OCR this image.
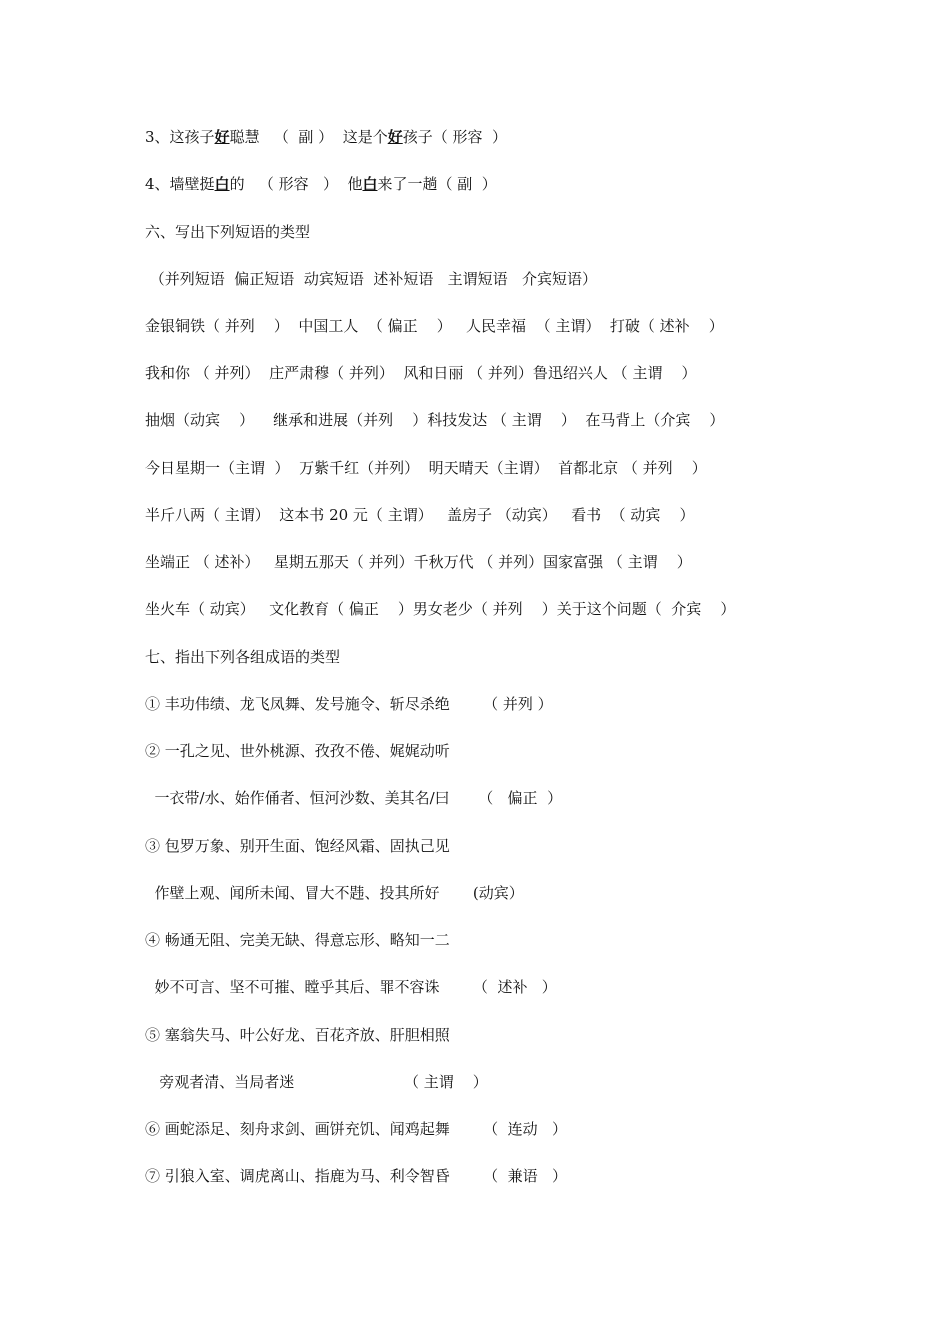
3、这孩子好聪慧   （  副 ）  这是个好孩子（ 形容  ）
4、墙壁挺白的   （ 形容   ）  他白来了一趟（ 副  ）
六、写出下列短语的类型
（并列短语  偏正短语  动宾短语  述补短语   主谓短语   介宾短语）
金银铜铁（ 并列    ）  中国工人  （ 偏正    ）   人民幸福  （ 主谓）  打破（ 述补    ）
我和你 （ 并列）  庄严肃穆（ 并列）  风和日丽 （ 并列）鲁迅绍兴人 （ 主谓    ）
抽烟（动宾    ）    继承和进展（并列    ）科技发达 （ 主谓    ）  在马背上（介宾    ）
今日星期一（主谓  ）  万紫千红（并列）  明天晴天（主谓）  首都北京 （ 并列    ）
半斤八两（ 主谓）  这本书 20 元（ 主谓）   盖房子 （动宾）   看书  （ 动宾    ）
坐端正 （ 述补）   星期五那天（ 并列）千秋万代 （ 并列）国家富强 （ 主谓    ）
坐火车（ 动宾）   文化教育（ 偏正    ）男女老少（ 并列    ）关于这个问题（  介宾    ）
七、指出下列各组成语的类型
① 丰功伟绩、龙飞凤舞、发号施令、斩尽杀绝       （ 并列 ）
② 一孔之见、世外桃源、孜孜不倦、娓娓动听
一衣带/水、始作俑者、恒河沙数、美其名/曰      （   偏正  ）
③ 包罗万象、别开生面、饱经风霜、固执己见
作壁上观、闻所未闻、冒大不韪、投其所好       (动宾）
④ 畅通无阻、完美无缺、得意忘形、略知一二
妙不可言、坚不可摧、瞠乎其后、罪不容诛       （  述补   ）
⑤ 塞翁失马、叶公好龙、百花齐放、肝胆相照
旁观者清、当局者迷                       （ 主谓    ）
⑥ 画蛇添足、刻舟求剑、画饼充饥、闻鸡起舞       （  连动   ）
⑦ 引狼入室、调虎离山、指鹿为马、利令智昏       （  兼语   ）
